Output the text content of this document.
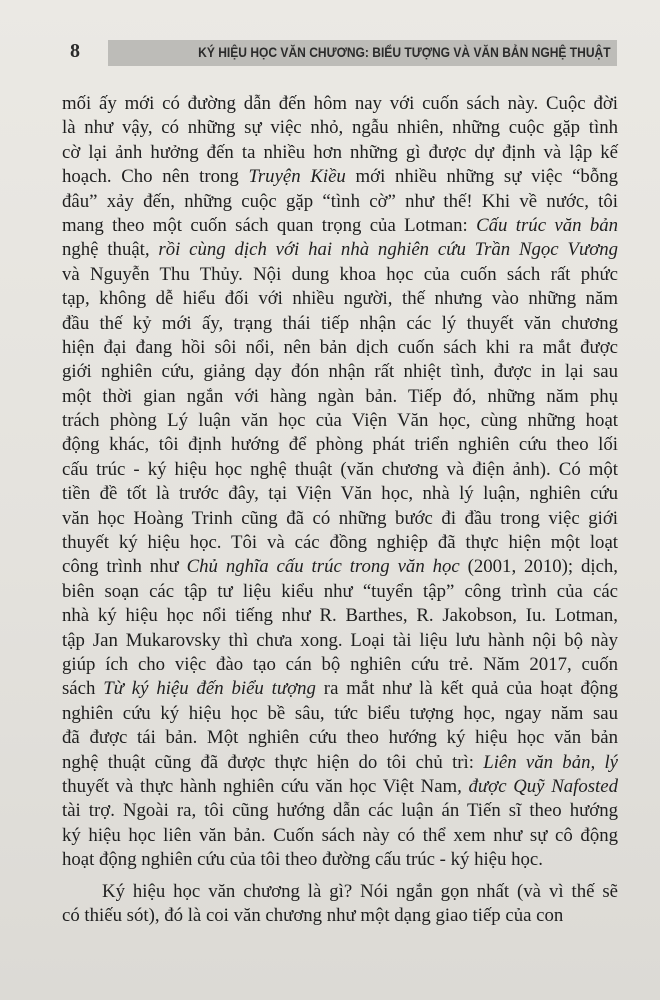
8	KÝ HIỆU HỌC VĂN CHƯƠNG: BIỂU TƯỢNG VÀ VĂN BẢN NGHỆ THUẬT
mối ấy mới có đường dẫn đến hôm nay với cuốn sách này. Cuộc đời
là như vậy, có những sự việc nhỏ, ngẫu nhiên, những cuộc gặp tình
cờ lại ảnh hưởng đến ta nhiều hơn những gì được dự định và lập kế
hoạch. Cho nên trong Truyện Kiều mới nhiều những sự việc “bỗng
đâu” xảy đến, những cuộc gặp “tình cờ” như thế! Khi về nước, tôi
mang theo một cuốn sách quan trọng của Lotman: Cấu trúc văn bản
nghệ thuật, rồi cùng dịch với hai nhà nghiên cứu Trần Ngọc Vương
và Nguyễn Thu Thủy. Nội dung khoa học của cuốn sách rất phức
tạp, không dễ hiểu đối với nhiều người, thế nhưng vào những năm
đầu thế kỷ mới ấy, trạng thái tiếp nhận các lý thuyết văn chương
hiện đại đang hồi sôi nổi, nên bản dịch cuốn sách khi ra mắt được
giới nghiên cứu, giảng dạy đón nhận rất nhiệt tình, được in lại sau
một thời gian ngắn với hàng ngàn bản. Tiếp đó, những năm phụ
trách phòng Lý luận văn học của Viện Văn học, cùng những hoạt
động khác, tôi định hướng để phòng phát triển nghiên cứu theo lối
cấu trúc - ký hiệu học nghệ thuật (văn chương và điện ảnh). Có một
tiền đề tốt là trước đây, tại Viện Văn học, nhà lý luận, nghiên cứu
văn học Hoàng Trinh cũng đã có những bước đi đầu trong việc giới
thuyết ký hiệu học. Tôi và các đồng nghiệp đã thực hiện một loạt
công trình như Chủ nghĩa cấu trúc trong văn học (2001, 2010); dịch,
biên soạn các tập tư liệu kiểu như “tuyển tập” công trình của các
nhà ký hiệu học nổi tiếng như R. Barthes, R. Jakobson, Iu. Lotman,
tập Jan Mukarovsky thì chưa xong. Loại tài liệu lưu hành nội bộ này
giúp ích cho việc đào tạo cán bộ nghiên cứu trẻ. Năm 2017, cuốn
sách Từ ký hiệu đến biểu tượng ra mắt như là kết quả của hoạt động
nghiên cứu ký hiệu học bề sâu, tức biểu tượng học, ngay năm sau
đã được tái bản. Một nghiên cứu theo hướng ký hiệu học văn bản
nghệ thuật cũng đã được thực hiện do tôi chủ trì: Liên văn bản, lý
thuyết và thực hành nghiên cứu văn học Việt Nam, được Quỹ Nafosted
tài trợ. Ngoài ra, tôi cũng hướng dẫn các luận án Tiến sĩ theo hướng
ký hiệu học liên văn bản. Cuốn sách này có thể xem như sự cô động
hoạt động nghiên cứu của tôi theo đường cấu trúc - ký hiệu học.
Ký hiệu học văn chương là gì? Nói ngắn gọn nhất (và vì thế sẽ
có thiếu sót), đó là coi văn chương như một dạng giao tiếp của con
